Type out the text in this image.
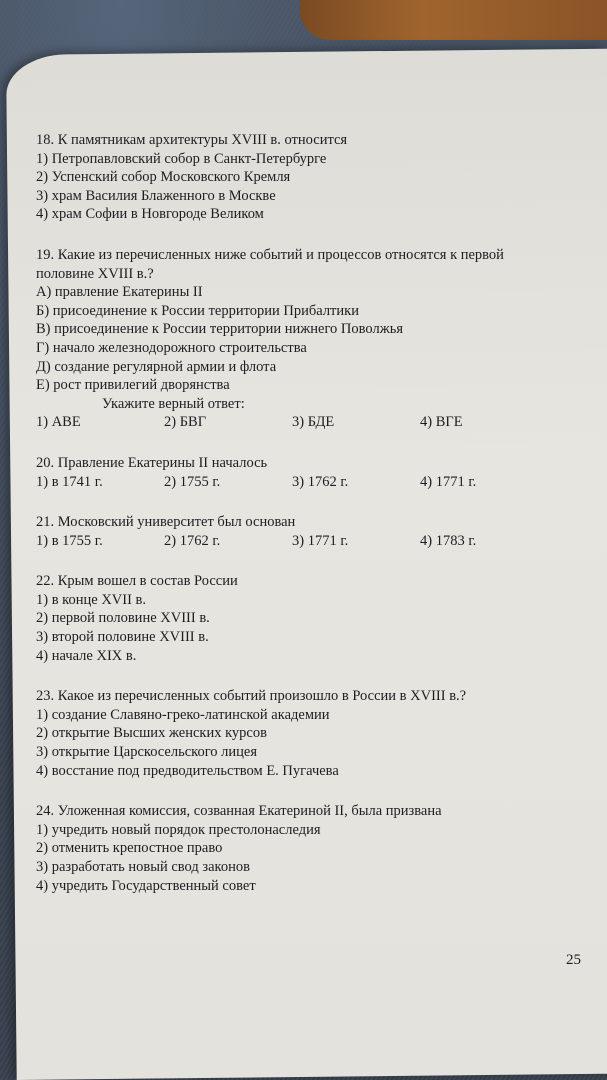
18. К памятникам архитектуры XVIII в. относится
1) Петропавловский собор в Санкт-Петербурге
2) Успенский собор Московского Кремля
3) храм Василия Блаженного в Москве
4) храм Софии в Новгороде Великом
19. Какие из перечисленных ниже событий и процессов относятся к первой
половине XVIII в.?
А) правление Екатерины II
Б) присоединение к России территории Прибалтики
В) присоединение к России территории нижнего Поволжья
Г) начало железнодорожного строительства
Д) создание регулярной армии и флота
Е) рост привилегий дворянства
Укажите верный ответ:
1) АВЕ	2) БВГ	3) БДЕ	4) ВГЕ
20. Правление Екатерины II началось
1) в 1741 г.	2) 1755 г.	3) 1762 г.	4) 1771 г.
21. Московский университет был основан
1) в 1755 г.	2) 1762 г.	3) 1771 г.	4) 1783 г.
22. Крым вошел в состав России
1) в конце XVII в.
2) первой половине XVIII в.
3) второй половине XVIII в.
4) начале XIX в.
23. Какое из перечисленных событий произошло в России в XVIII в.?
1) создание Славяно-греко-латинской академии
2) открытие Высших женских курсов
3) открытие Царскосельского лицея
4) восстание под предводительством Е. Пугачева
24. Уложенная комиссия, созванная Екатериной II, была призвана
1) учредить новый порядок престолонаследия
2) отменить крепостное право
3) разработать новый свод законов
4) учредить Государственный совет
25
